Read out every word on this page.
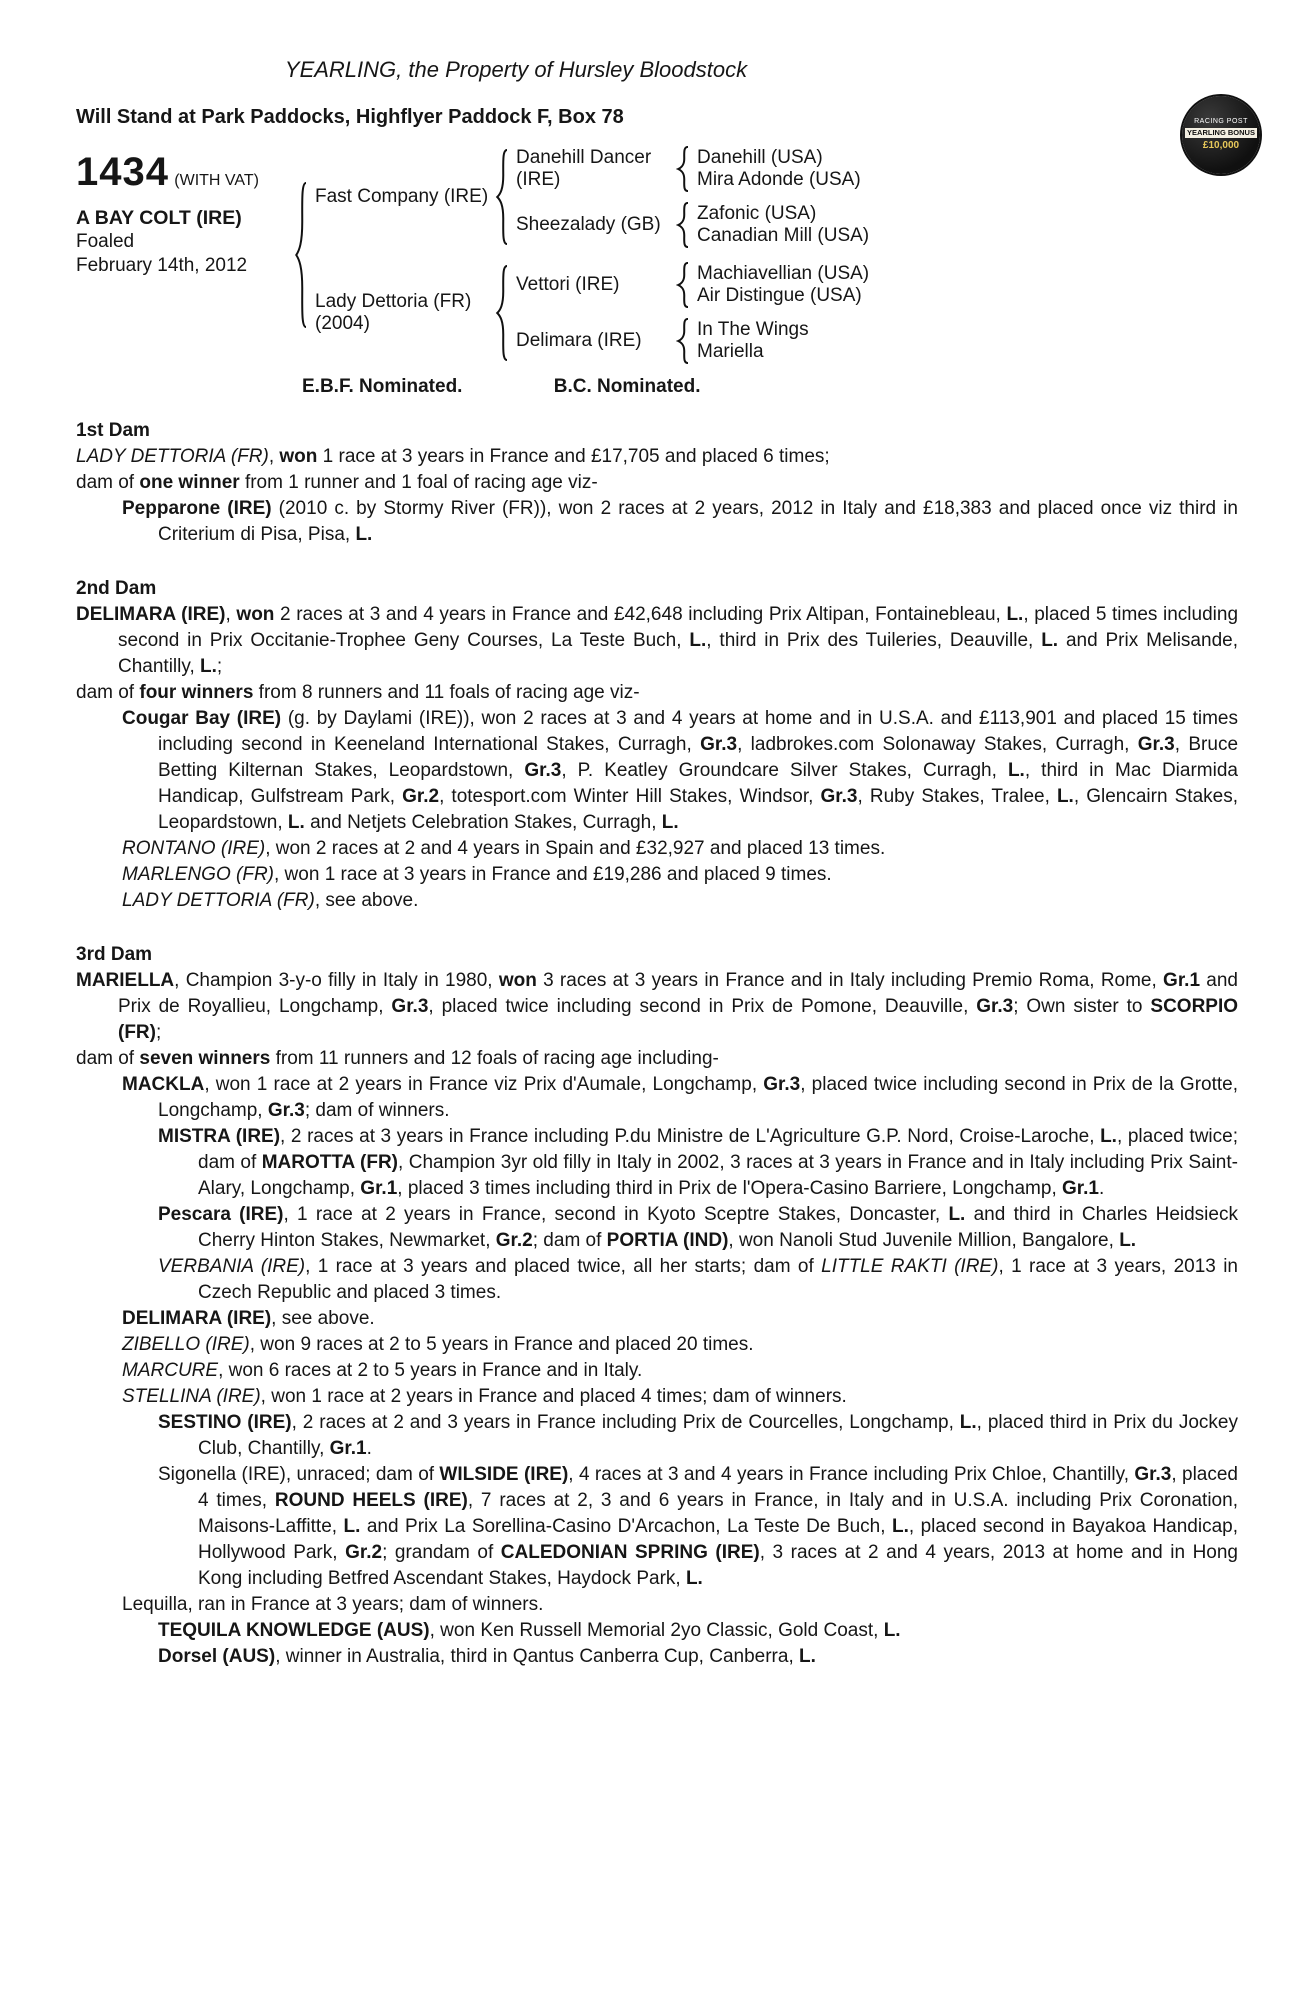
YEARLING, the Property of Hursley Bloodstock
Will Stand at Park Paddocks, Highflyer Paddock F, Box 78	RACING POST
YEARLING BONUS
£10,000
1434 (WITH VAT)
A BAY COLT (IRE)
Foaled
February 14th, 2012
Fast Company (IRE)
Danehill Dancer (IRE)
Danehill (USA)
Mira Adonde (USA)
Sheezalady (GB)
Zafonic (USA)
Canadian Mill (USA)
Lady Dettoria (FR)
(2004)
Vettori (IRE)
Machiavellian (USA)
Air Distingue (USA)
Delimara (IRE)
In The Wings
Mariella
E.B.F. Nominated.	B.C. Nominated.
1st Dam

LADY DETTORIA (FR), won 1 race at 3 years in France and £17,705 and placed 6 times;

dam of one winner from 1 runner and 1 foal of racing age viz-

Pepparone (IRE) (2010 c. by Stormy River (FR)), won 2 races at 2 years, 2012 in Italy and £18,383 and placed once viz third in Criterium di Pisa, Pisa, L.

2nd Dam

DELIMARA (IRE), won 2 races at 3 and 4 years in France and £42,648 including Prix Altipan, Fontainebleau, L., placed 5 times including second in Prix Occitanie-Trophee Geny Courses, La Teste Buch, L., third in Prix des Tuileries, Deauville, L. and Prix Melisande, Chantilly, L.;

dam of four winners from 8 runners and 11 foals of racing age viz-

Cougar Bay (IRE) (g. by Daylami (IRE)), won 2 races at 3 and 4 years at home and in U.S.A. and £113,901 and placed 15 times including second in Keeneland International Stakes, Curragh, Gr.3, ladbrokes.com Solonaway Stakes, Curragh, Gr.3, Bruce Betting Kilternan Stakes, Leopardstown, Gr.3, P. Keatley Groundcare Silver Stakes, Curragh, L., third in Mac Diarmida Handicap, Gulfstream Park, Gr.2, totesport.com Winter Hill Stakes, Windsor, Gr.3, Ruby Stakes, Tralee, L., Glencairn Stakes, Leopardstown, L. and Netjets Celebration Stakes, Curragh, L.

RONTANO (IRE), won 2 races at 2 and 4 years in Spain and £32,927 and placed 13 times.

MARLENGO (FR), won 1 race at 3 years in France and £19,286 and placed 9 times.

LADY DETTORIA (FR), see above.

3rd Dam

MARIELLA, Champion 3-y-o filly in Italy in 1980, won 3 races at 3 years in France and in Italy including Premio Roma, Rome, Gr.1 and Prix de Royallieu, Longchamp, Gr.3, placed twice including second in Prix de Pomone, Deauville, Gr.3; Own sister to SCORPIO (FR);

dam of seven winners from 11 runners and 12 foals of racing age including-

MACKLA, won 1 race at 2 years in France viz Prix d'Aumale, Longchamp, Gr.3, placed twice including second in Prix de la Grotte, Longchamp, Gr.3; dam of winners.

MISTRA (IRE), 2 races at 3 years in France including P.du Ministre de L'Agriculture G.P. Nord, Croise-Laroche, L., placed twice; dam of MAROTTA (FR), Champion 3yr old filly in Italy in 2002, 3 races at 3 years in France and in Italy including Prix Saint-Alary, Longchamp, Gr.1, placed 3 times including third in Prix de l'Opera-Casino Barriere, Longchamp, Gr.1.

Pescara (IRE), 1 race at 2 years in France, second in Kyoto Sceptre Stakes, Doncaster, L. and third in Charles Heidsieck Cherry Hinton Stakes, Newmarket, Gr.2; dam of PORTIA (IND), won Nanoli Stud Juvenile Million, Bangalore, L.

VERBANIA (IRE), 1 race at 3 years and placed twice, all her starts; dam of LITTLE RAKTI (IRE), 1 race at 3 years, 2013 in Czech Republic and placed 3 times.

DELIMARA (IRE), see above.

ZIBELLO (IRE), won 9 races at 2 to 5 years in France and placed 20 times.

MARCURE, won 6 races at 2 to 5 years in France and in Italy.

STELLINA (IRE), won 1 race at 2 years in France and placed 4 times; dam of winners.

SESTINO (IRE), 2 races at 2 and 3 years in France including Prix de Courcelles, Longchamp, L., placed third in Prix du Jockey Club, Chantilly, Gr.1.

Sigonella (IRE), unraced; dam of WILSIDE (IRE), 4 races at 3 and 4 years in France including Prix Chloe, Chantilly, Gr.3, placed 4 times, ROUND HEELS (IRE), 7 races at 2, 3 and 6 years in France, in Italy and in U.S.A. including Prix Coronation, Maisons-Laffitte, L. and Prix La Sorellina-Casino D'Arcachon, La Teste De Buch, L., placed second in Bayakoa Handicap, Hollywood Park, Gr.2; grandam of CALEDONIAN SPRING (IRE), 3 races at 2 and 4 years, 2013 at home and in Hong Kong including Betfred Ascendant Stakes, Haydock Park, L.

Lequilla, ran in France at 3 years; dam of winners.

TEQUILA KNOWLEDGE (AUS), won Ken Russell Memorial 2yo Classic, Gold Coast, L.

Dorsel (AUS), winner in Australia, third in Qantus Canberra Cup, Canberra, L.
